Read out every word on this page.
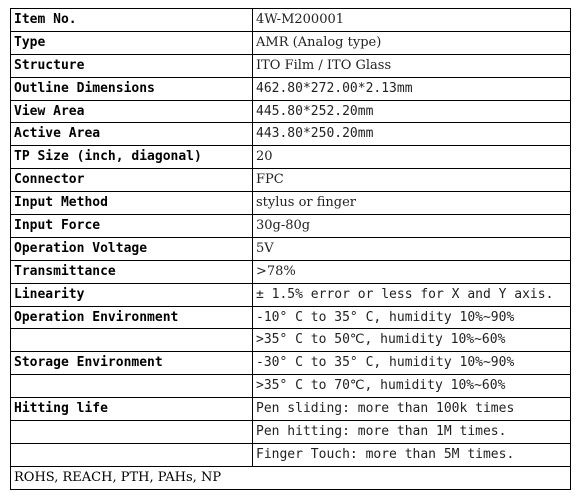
Item No.	4W-M200001
Type	AMR (Analog type)
Structure	ITO Film / ITO Glass
Outline Dimensions	462.80*272.00*2.13mm
View Area	445.80*252.20mm
Active Area	443.80*250.20mm
TP Size (inch, diagonal)	20
Connector	FPC
Input Method	stylus or finger
Input Force	30g-80g
Operation Voltage	5V
Transmittance	>78%
Linearity	± 1.5% error or less for X and Y axis.
Operation Environment	-10° C to 35° C, humidity 10%~90%
	>35° C to 50℃, humidity 10%~60%
Storage Environment	-30° C to 35° C, humidity 10%~90%
	>35° C to 70℃, humidity 10%~60%
Hitting life	Pen sliding: more than 100k times
	Pen hitting: more than 1M times.
	Finger Touch: more than 5M times.
ROHS, REACH, PTH, PAHs, NP	
